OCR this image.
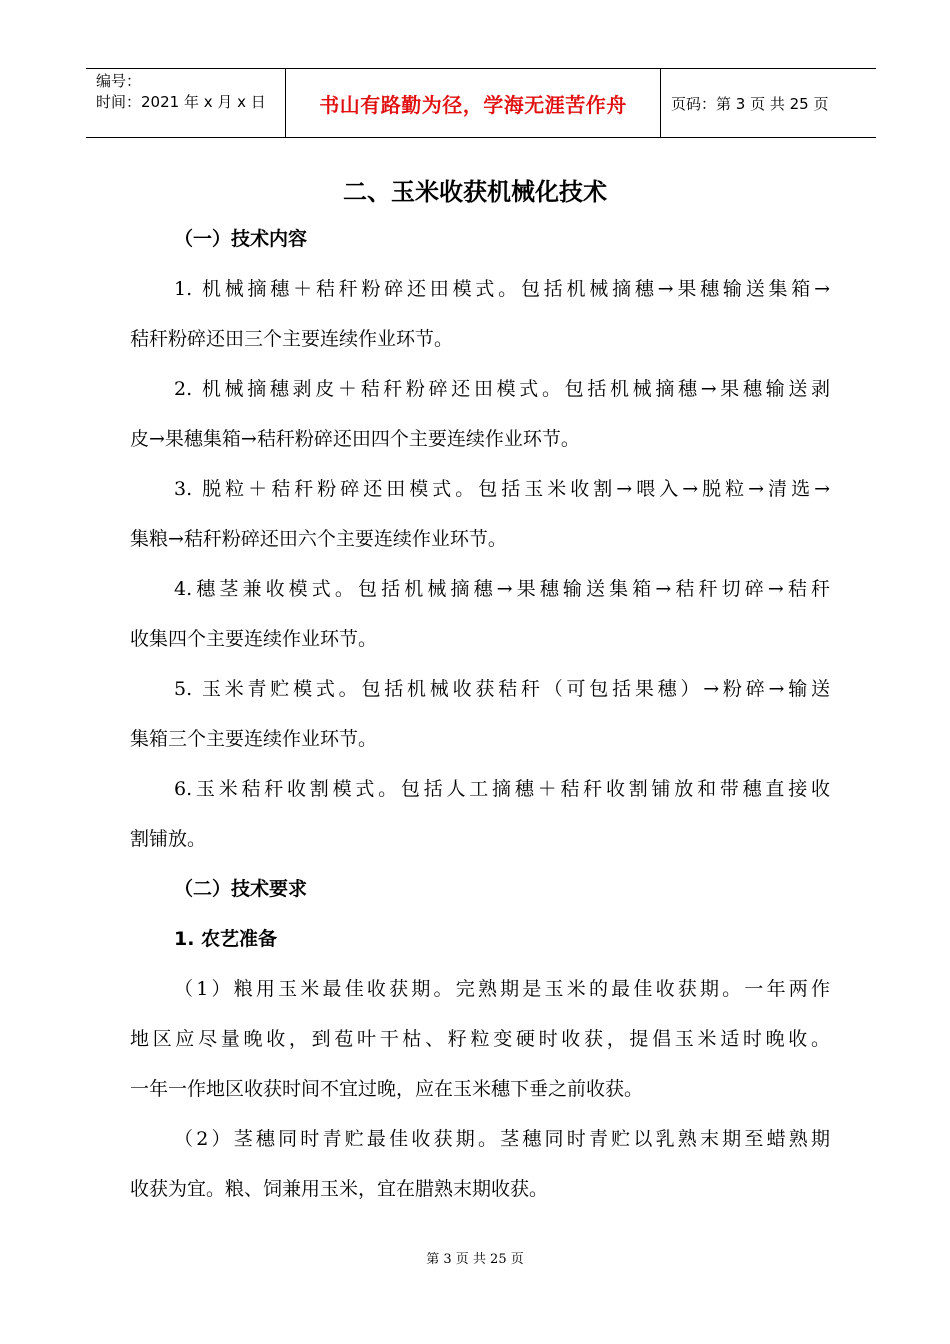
编号：
时间：2021 年 x 月 x 日	书山有路勤为径，学海无涯苦作舟	页码：第 3 页 共 25 页
二、玉米收获机械化技术
（一）技术内容
1. 机械摘穗＋秸秆粉碎还田模式。包括机械摘穗→果穗输送集箱→
秸秆粉碎还田三个主要连续作业环节。
2. 机械摘穗剥皮＋秸秆粉碎还田模式。包括机械摘穗→果穗输送剥
皮→果穗集箱→秸秆粉碎还田四个主要连续作业环节。
3. 脱粒＋秸秆粉碎还田模式。包括玉米收割→喂入→脱粒→清选→
集粮→秸秆粉碎还田六个主要连续作业环节。
4.穗茎兼收模式。包括机械摘穗→果穗输送集箱→秸秆切碎→秸秆
收集四个主要连续作业环节。
5. 玉米青贮模式。包括机械收获秸秆（可包括果穗）→粉碎→输送
集箱三个主要连续作业环节。
6.玉米秸秆收割模式。包括人工摘穗＋秸秆收割铺放和带穗直接收
割铺放。
（二）技术要求
1. 农艺准备
（1）粮用玉米最佳收获期。完熟期是玉米的最佳收获期。一年两作
地区应尽量晚收，到苞叶干枯、籽粒变硬时收获，提倡玉米适时晚收。
一年一作地区收获时间不宜过晚，应在玉米穗下垂之前收获。
（2）茎穗同时青贮最佳收获期。茎穗同时青贮以乳熟末期至蜡熟期
收获为宜。粮、饲兼用玉米，宜在腊熟末期收获。
第 3 页 共 25 页
